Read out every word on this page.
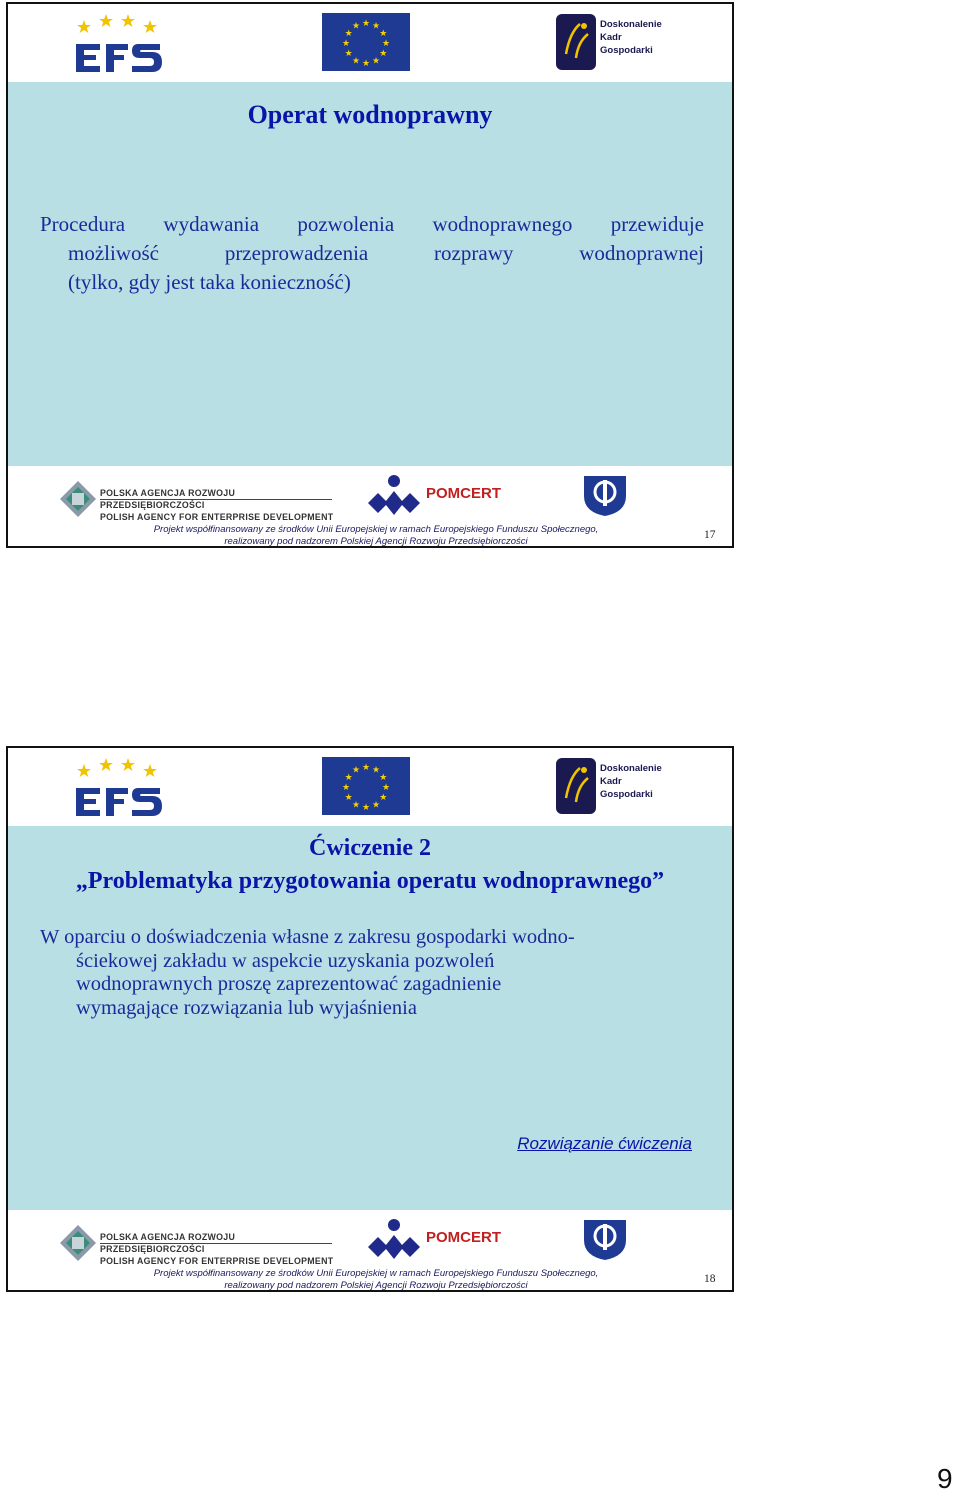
★ ★
★
★
★
★
★
★
★
★
★
★	Doskonalenie
Kadr
Gospodarki

Operat wodnoprawny

Procedura wydawania pozwolenia wodnoprawnego przewiduje
możliwość przeprowadzenia rozprawy wodnoprawnej
(tylko, gdy jest taka konieczność)

POLSKA AGENCJA ROZWOJU PRZEDSIĘBIORCZOŚCI
POLISH AGENCY FOR ENTERPRISE DEVELOPMENT

POMCERT

Projekt współfinansowany ze środków Unii Europejskiej w ramach Europejskiego Funduszu Społecznego,
realizowany pod nadzorem Polskiej Agencji Rozwoju Przedsiębiorczości

17

★ ★
★
★
★
★
★
★
★
★
★
★	Doskonalenie
Kadr
Gospodarki

Ćwiczenie 2
„Problematyka przygotowania operatu wodnoprawnego”

W oparciu o doświadczenia własne z zakresu gospodarki wodno-
ściekowej zakładu w aspekcie uzyskania pozwoleń
wodnoprawnych proszę zaprezentować zagadnienie
wymagające rozwiązania lub wyjaśnienia

Rozwiązanie ćwiczenia

POLSKA AGENCJA ROZWOJU PRZEDSIĘBIORCZOŚCI
POLISH AGENCY FOR ENTERPRISE DEVELOPMENT

POMCERT

Projekt współfinansowany ze środków Unii Europejskiej w ramach Europejskiego Funduszu Społecznego,
realizowany pod nadzorem Polskiej Agencji Rozwoju Przedsiębiorczości

18

9
